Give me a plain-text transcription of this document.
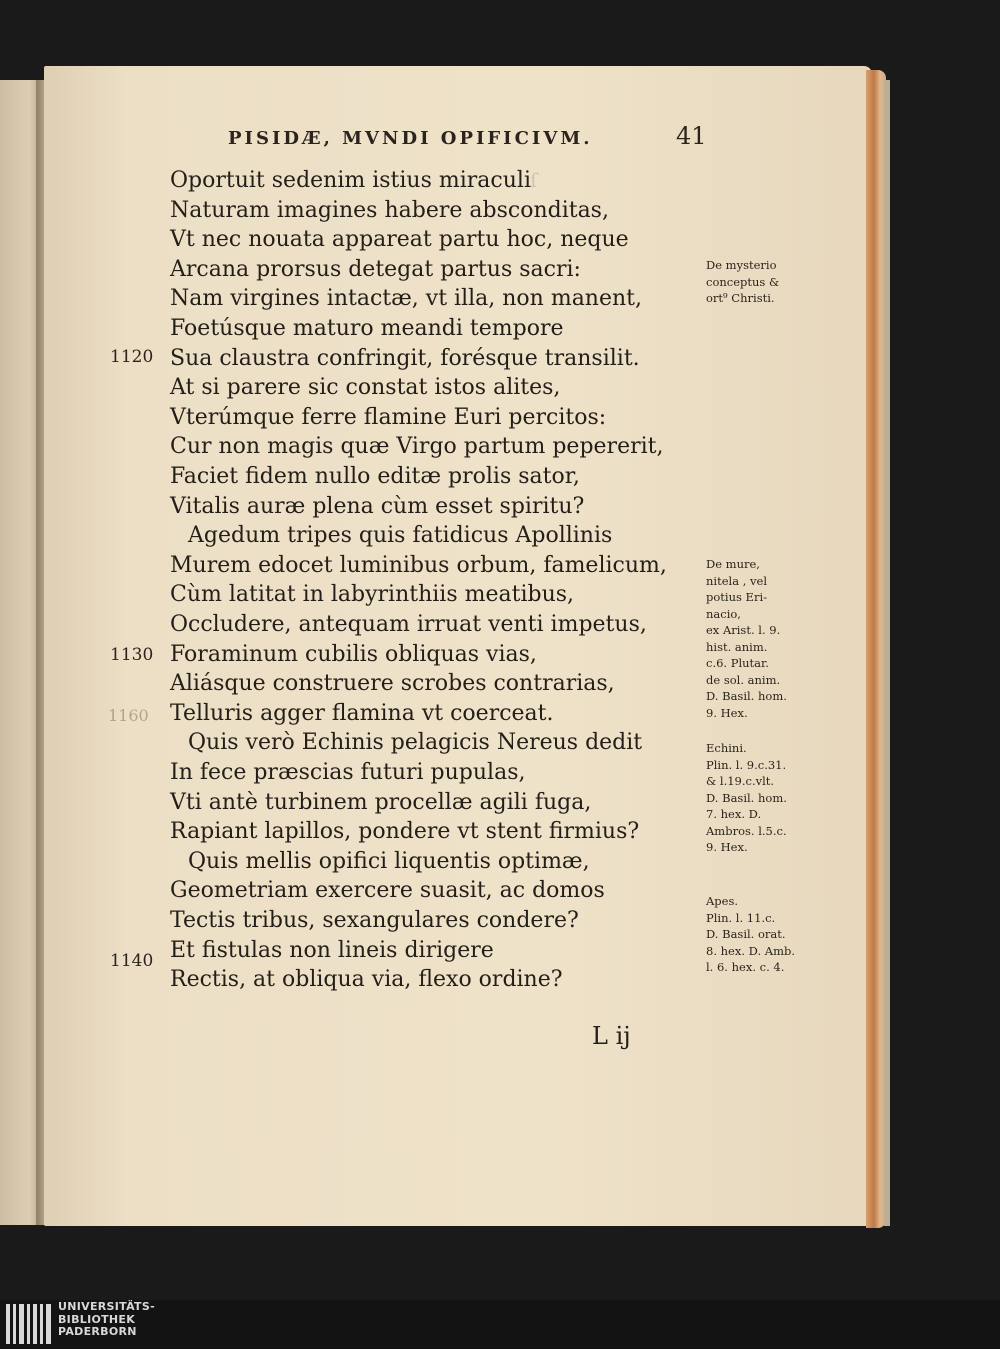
ſ
PISIDÆ, MVNDI OPIFICIVM.	41
Oportuit sedenim istius miraculi
Naturam imagines habere absconditas,
Vt nec nouata appareat partu hoc, neque
Arcana prorsus detegat partus sacri:
Nam virgines intactæ, vt illa, non manent,
Foetúsque maturo meandi tempore
Sua claustra confringit, forésque transilit.
At si parere sic constat istos alites,
Vterúmque ferre flamine Euri percitos:
Cur non magis quæ Virgo partum pepererit,
Faciet fidem nullo editæ prolis sator,
Vitalis auræ plena cùm esset spiritu?
Agedum tripes quis fatidicus Apollinis
Murem edocet luminibus orbum, famelicum,
Cùm latitat in labyrinthiis meatibus,
Occludere, antequam irruat venti impetus,
Foraminum cubilis obliquas vias,
Aliásque construere scrobes contrarias,
Telluris agger flamina vt coerceat.
Quis verò Echinis pelagicis Nereus dedit
In fece præscias futuri pupulas,
Vti antè turbinem procellæ agili fuga,
Rapiant lapillos, pondere vt stent firmius?
Quis mellis opifici liquentis optimæ,
Geometriam exercere suasit, ac domos
Tectis tribus, sexangulares condere?
Et fistulas non lineis dirigere
Rectis, at obliqua via, flexo ordine?
1120
1130
1140
1160
De mysterio
conceptus &
ort⁹ Christi.
De mure,
nitela , vel
potius Eri-
nacio,
ex Arist. l. 9.
hist. anim.
c.6. Plutar.
de sol. anim.
D. Basil. hom.
9. Hex.
Echini.
Plin. l. 9.c.31.
& l.19.c.vlt.
D. Basil. hom.
7. hex. D.
Ambros. l.5.c.
9. Hex.
Apes.
Plin. l. 11.c.
D. Basil. orat.
8. hex. D. Amb.
l. 6. hex. c. 4.
L ij
UNIVERSITÄTS-
BIBLIOTHEK
PADERBORN
